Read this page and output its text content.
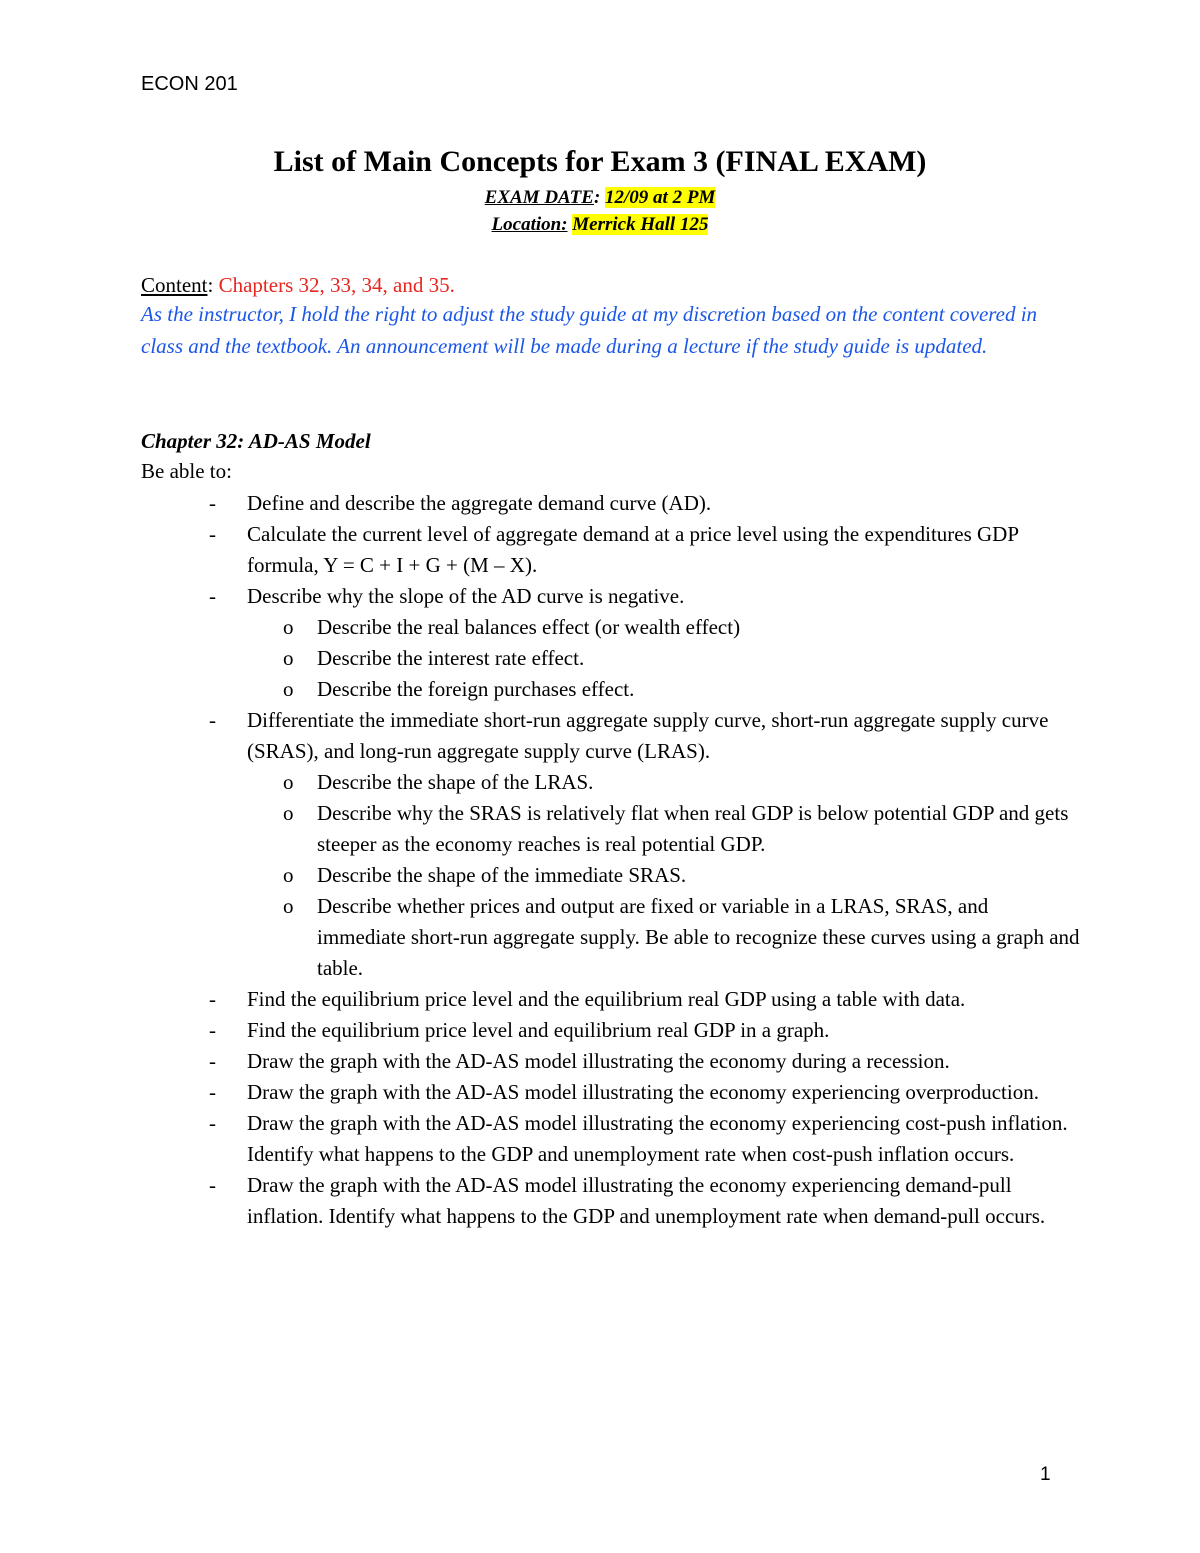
ECON 201
List of Main Concepts for Exam 3 (FINAL EXAM)
EXAM DATE: 12/09 at 2 PM
Location: Merrick Hall 125
Content: Chapters 32, 33, 34, and 35.
As the instructor, I hold the right to adjust the study guide at my discretion based on the content covered in class and the textbook. An announcement will be made during a lecture if the study guide is updated.
Chapter 32: AD-AS Model
Be able to:
- Define and describe the aggregate demand curve (AD).
- Calculate the current level of aggregate demand at a price level using the expenditures GDP formula, Y = C + I + G + (M – X).
- Describe why the slope of the AD curve is negative.
o Describe the real balances effect (or wealth effect)
o Describe the interest rate effect.
o Describe the foreign purchases effect.
- Differentiate the immediate short-run aggregate supply curve, short-run aggregate supply curve (SRAS), and long-run aggregate supply curve (LRAS).
o Describe the shape of the LRAS.
o Describe why the SRAS is relatively flat when real GDP is below potential GDP and gets steeper as the economy reaches is real potential GDP.
o Describe the shape of the immediate SRAS.
o Describe whether prices and output are fixed or variable in a LRAS, SRAS, and immediate short-run aggregate supply. Be able to recognize these curves using a graph and table.
- Find the equilibrium price level and the equilibrium real GDP using a table with data.
- Find the equilibrium price level and equilibrium real GDP in a graph.
- Draw the graph with the AD-AS model illustrating the economy during a recession.
- Draw the graph with the AD-AS model illustrating the economy experiencing overproduction.
- Draw the graph with the AD-AS model illustrating the economy experiencing cost-push inflation. Identify what happens to the GDP and unemployment rate when cost-push inflation occurs.
- Draw the graph with the AD-AS model illustrating the economy experiencing demand-pull inflation. Identify what happens to the GDP and unemployment rate when demand-pull occurs.
1
